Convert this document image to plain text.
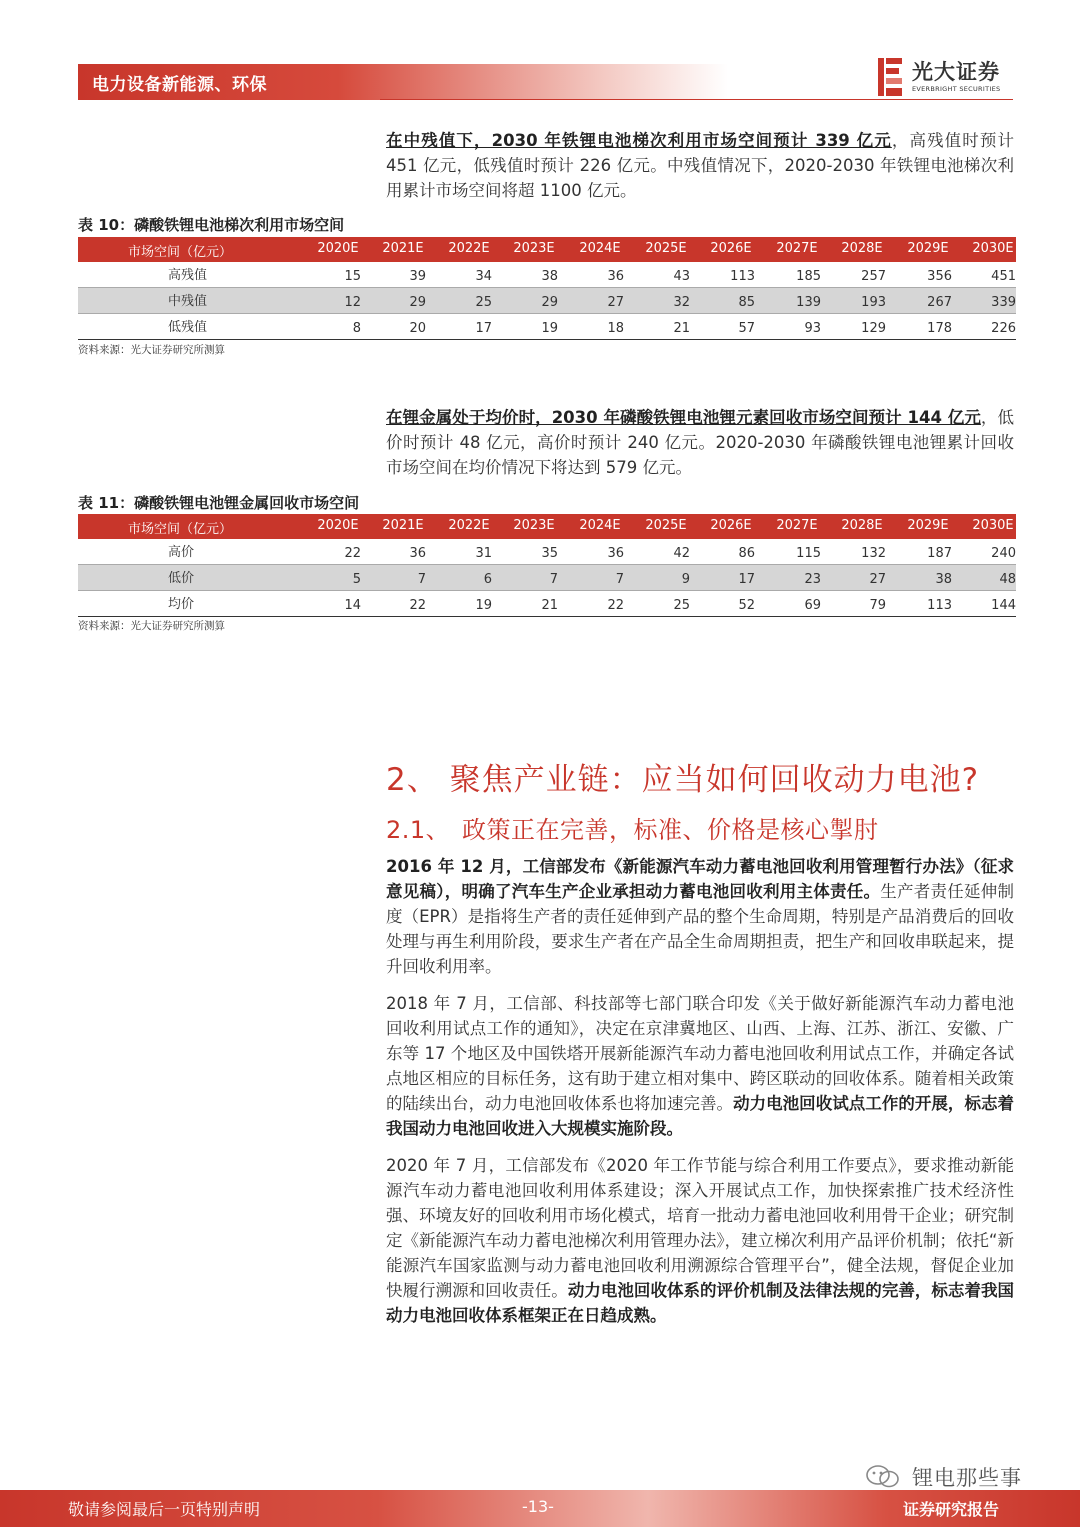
电力设备新能源、环保
光大证券
EVERBRIGHT SECURITIES
在中残值下，2030 年铁锂电池梯次利用市场空间预计 339 亿元，高残值时预计 451 亿元，低残值时预计 226 亿元。中残值情况下，2020-2030 年铁锂电池梯次利用累计市场空间将超 1100 亿元。
表 10：磷酸铁锂电池梯次利用市场空间
市场空间（亿元）	2020E	2021E	2022E	2023E	2024E	2025E	2026E	2027E	2028E	2029E	2030E
高残值	15	39	34	38	36	43	113	185	257	356	451
中残值	12	29	25	29	27	32	85	139	193	267	339
低残值	8	20	17	19	18	21	57	93	129	178	226
资料来源：光大证券研究所测算
在锂金属处于均价时，2030 年磷酸铁锂电池锂元素回收市场空间预计 144 亿元，低价时预计 48 亿元，高价时预计 240 亿元。2020-2030 年磷酸铁锂电池锂累计回收市场空间在均价情况下将达到 579 亿元。
表 11：磷酸铁锂电池锂金属回收市场空间
市场空间（亿元）	2020E	2021E	2022E	2023E	2024E	2025E	2026E	2027E	2028E	2029E	2030E
高价	22	36	31	35	36	42	86	115	132	187	240
低价	5	7	6	7	7	9	17	23	27	38	48
均价	14	22	19	21	22	25	52	69	79	113	144
资料来源：光大证券研究所测算
2、 聚焦产业链：应当如何回收动力电池?
2.1、 政策正在完善，标准、价格是核心掣肘
2016 年 12 月，工信部发布《新能源汽车动力蓄电池回收利用管理暂行办法》（征求意见稿），明确了汽车生产企业承担动力蓄电池回收利用主体责任。生产者责任延伸制度（EPR）是指将生产者的责任延伸到产品的整个生命周期，特别是产品消费后的回收处理与再生利用阶段，要求生产者在产品全生命周期担责，把生产和回收串联起来，提升回收利用率。
2018 年 7 月，工信部、科技部等七部门联合印发《关于做好新能源汽车动力蓄电池回收利用试点工作的通知》，决定在京津冀地区、山西、上海、江苏、浙江、安徽、广东等 17 个地区及中国铁塔开展新能源汽车动力蓄电池回收利用试点工作，并确定各试点地区相应的目标任务，这有助于建立相对集中、跨区联动的回收体系。随着相关政策的陆续出台，动力电池回收体系也将加速完善。动力电池回收试点工作的开展，标志着我国动力电池回收进入大规模实施阶段。
2020 年 7 月，工信部发布《2020 年工作节能与综合利用工作要点》，要求推动新能源汽车动力蓄电池回收利用体系建设；深入开展试点工作，加快探索推广技术经济性强、环境友好的回收利用市场化模式，培育一批动力蓄电池回收利用骨干企业；研究制定《新能源汽车动力蓄电池梯次利用管理办法》，建立梯次利用产品评价机制；依托“新能源汽车国家监测与动力蓄电池回收利用溯源综合管理平台”，健全法规，督促企业加快履行溯源和回收责任。动力电池回收体系的评价机制及法律法规的完善，标志着我国动力电池回收体系框架正在日趋成熟。
锂电那些事
敬请参阅最后一页特别声明	-13-	证券研究报告
